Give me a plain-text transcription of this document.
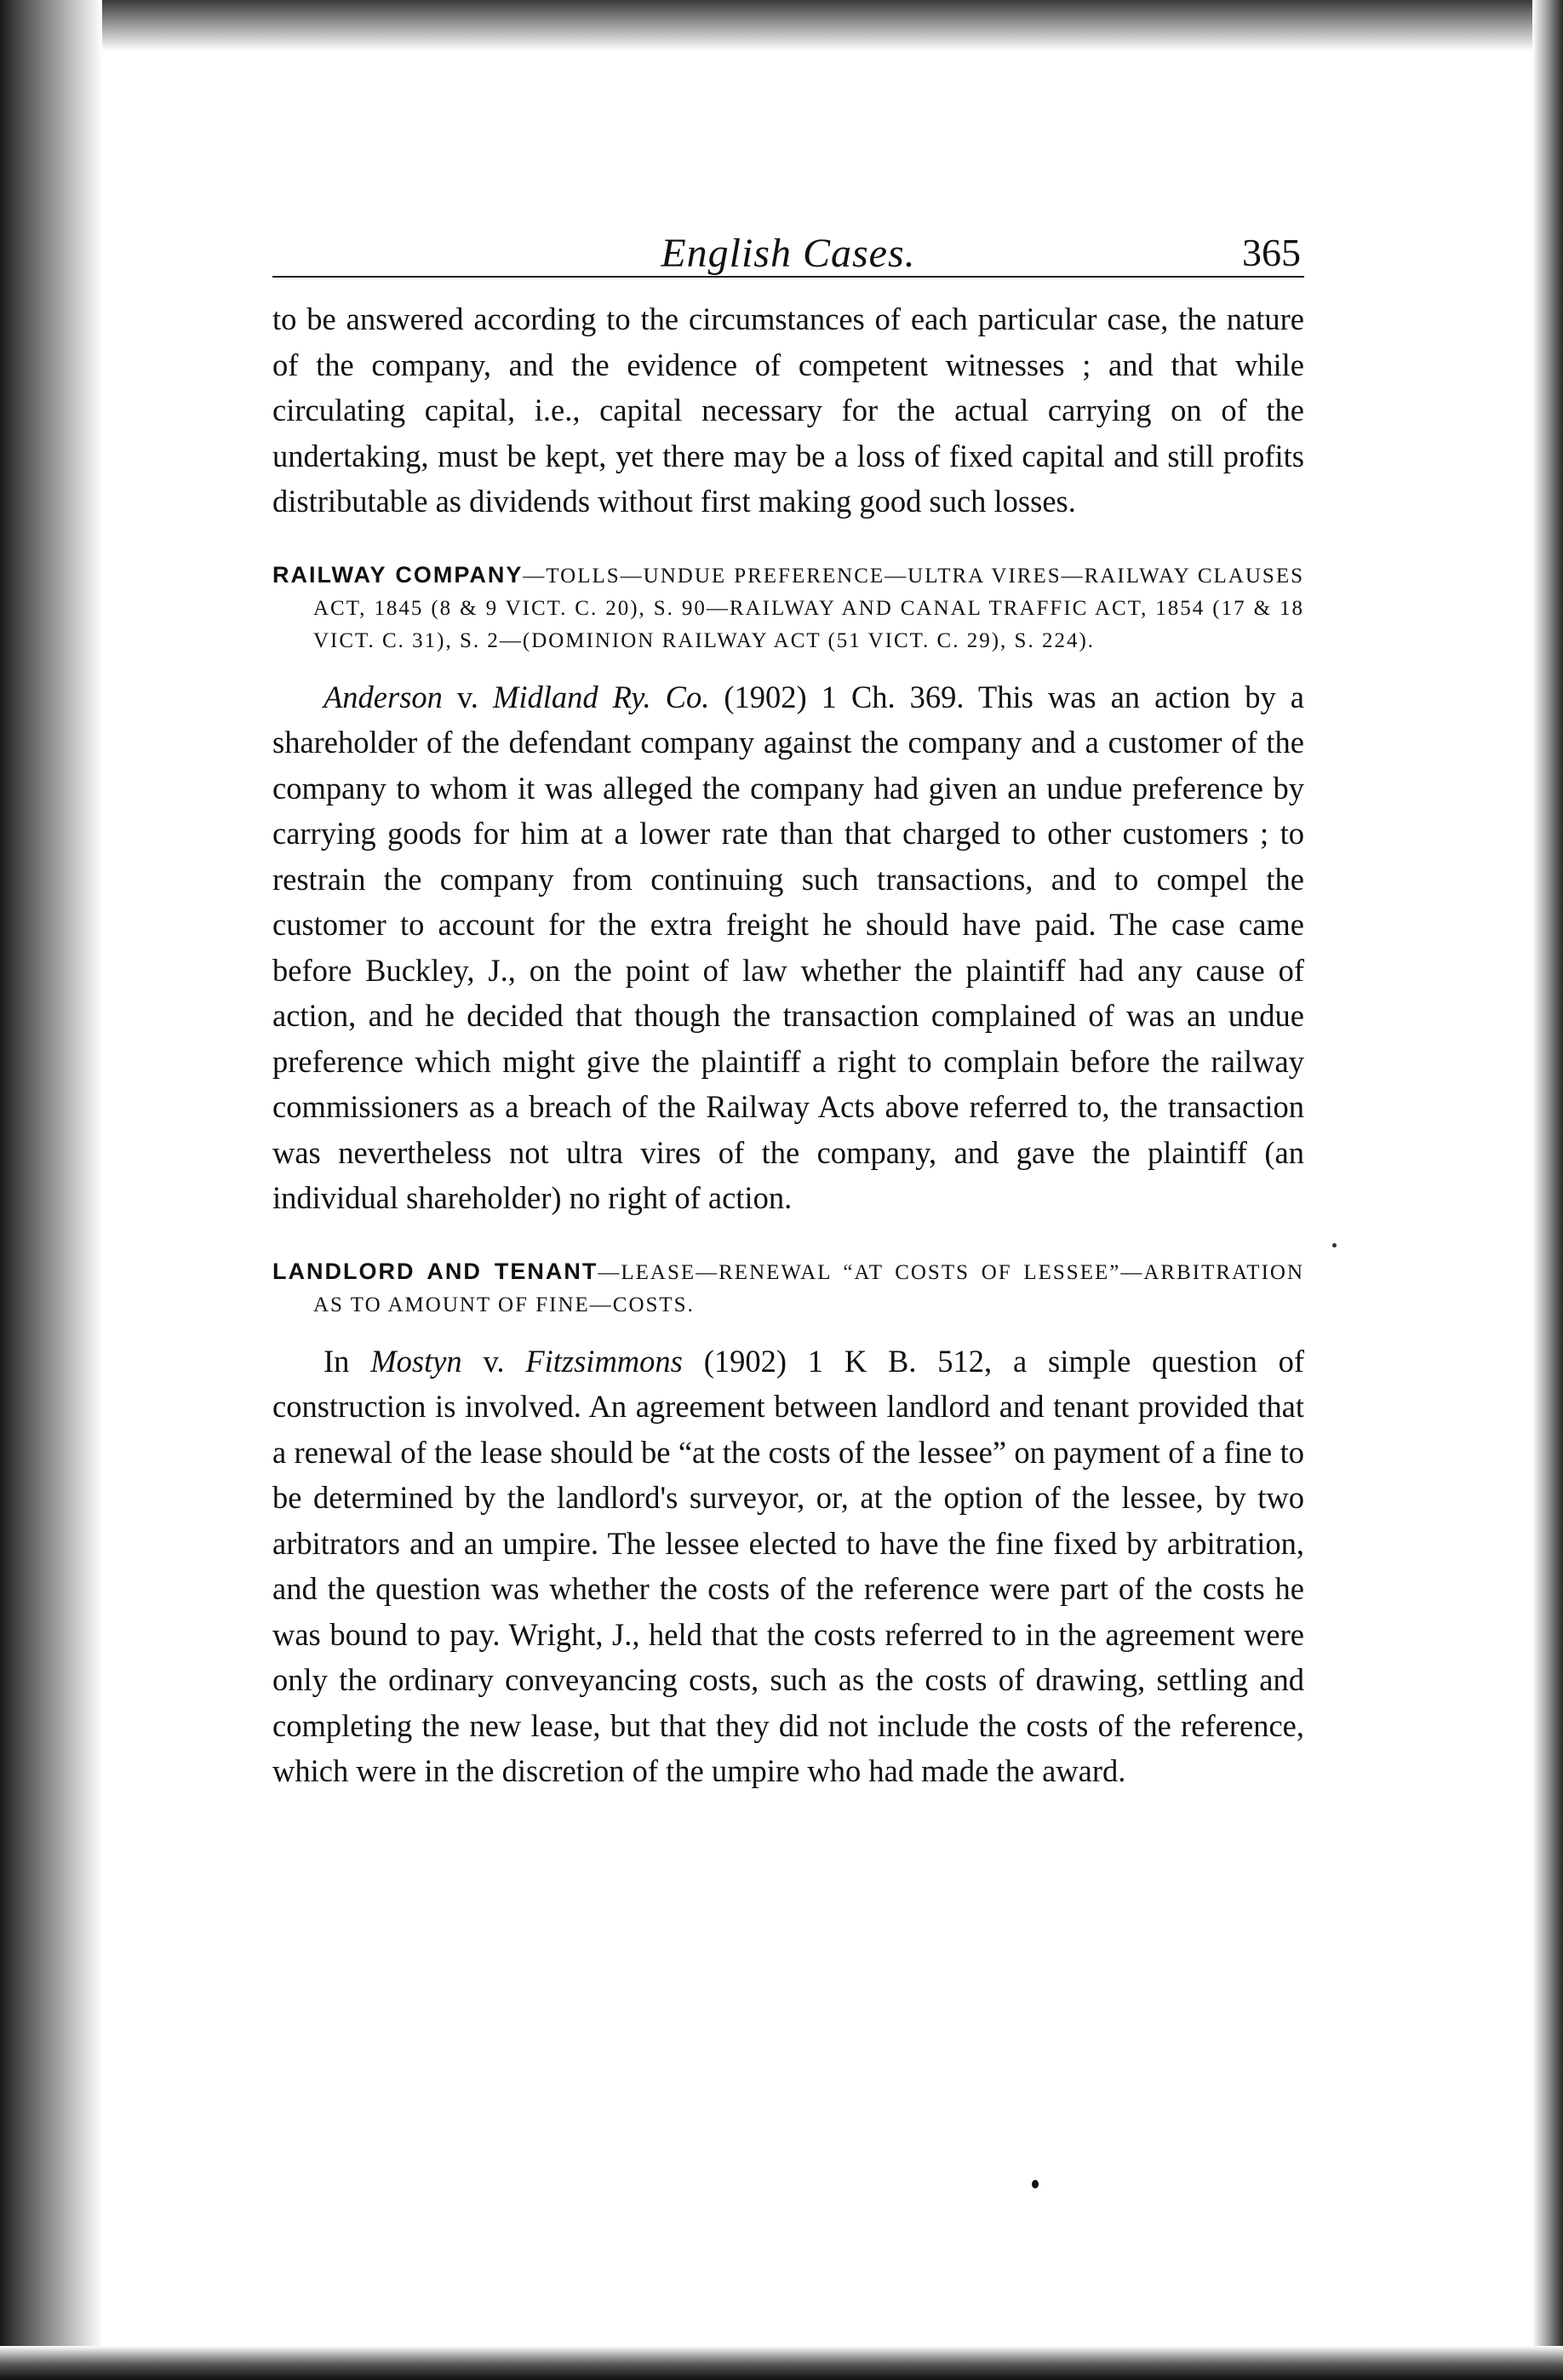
English Cases.	365

to be answered according to the circumstances of each particular case, the nature of the company, and the evidence of competent witnesses ; and that while circulating capital, i.e., capital necessary for the actual carrying on of the undertaking, must be kept, yet there may be a loss of fixed capital and still profits distributable as dividends without first making good such losses.

RAILWAY COMPANY—TOLLS—UNDUE PREFERENCE—ULTRA VIRES—RAILWAY CLAUSES ACT, 1845 (8 & 9 VICT. C. 20), S. 90—RAILWAY AND CANAL TRAFFIC ACT, 1854 (17 & 18 VICT. C. 31), S. 2—(DOMINION RAILWAY ACT (51 VICT. C. 29), S. 224).

Anderson v. Midland Ry. Co. (1902) 1 Ch. 369. This was an action by a shareholder of the defendant company against the company and a customer of the company to whom it was alleged the company had given an undue preference by carrying goods for him at a lower rate than that charged to other customers ; to restrain the company from continuing such transactions, and to compel the customer to account for the extra freight he should have paid. The case came before Buckley, J., on the point of law whether the plaintiff had any cause of action, and he decided that though the transaction complained of was an undue preference which might give the plaintiff a right to complain before the railway commissioners as a breach of the Railway Acts above referred to, the transaction was nevertheless not ultra vires of the company, and gave the plaintiff (an individual shareholder) no right of action.

LANDLORD AND TENANT—LEASE—RENEWAL “AT COSTS OF LESSEE”—ARBITRATION AS TO AMOUNT OF FINE—COSTS.

In Mostyn v. Fitzsimmons (1902) 1 K B. 512, a simple question of construction is involved. An agreement between landlord and tenant provided that a renewal of the lease should be “at the costs of the lessee” on payment of a fine to be determined by the landlord's surveyor, or, at the option of the lessee, by two arbitrators and an umpire. The lessee elected to have the fine fixed by arbitration, and the question was whether the costs of the reference were part of the costs he was bound to pay. Wright, J., held that the costs referred to in the agreement were only the ordinary conveyancing costs, such as the costs of drawing, settling and completing the new lease, but that they did not include the costs of the reference, which were in the discretion of the umpire who had made the award.
